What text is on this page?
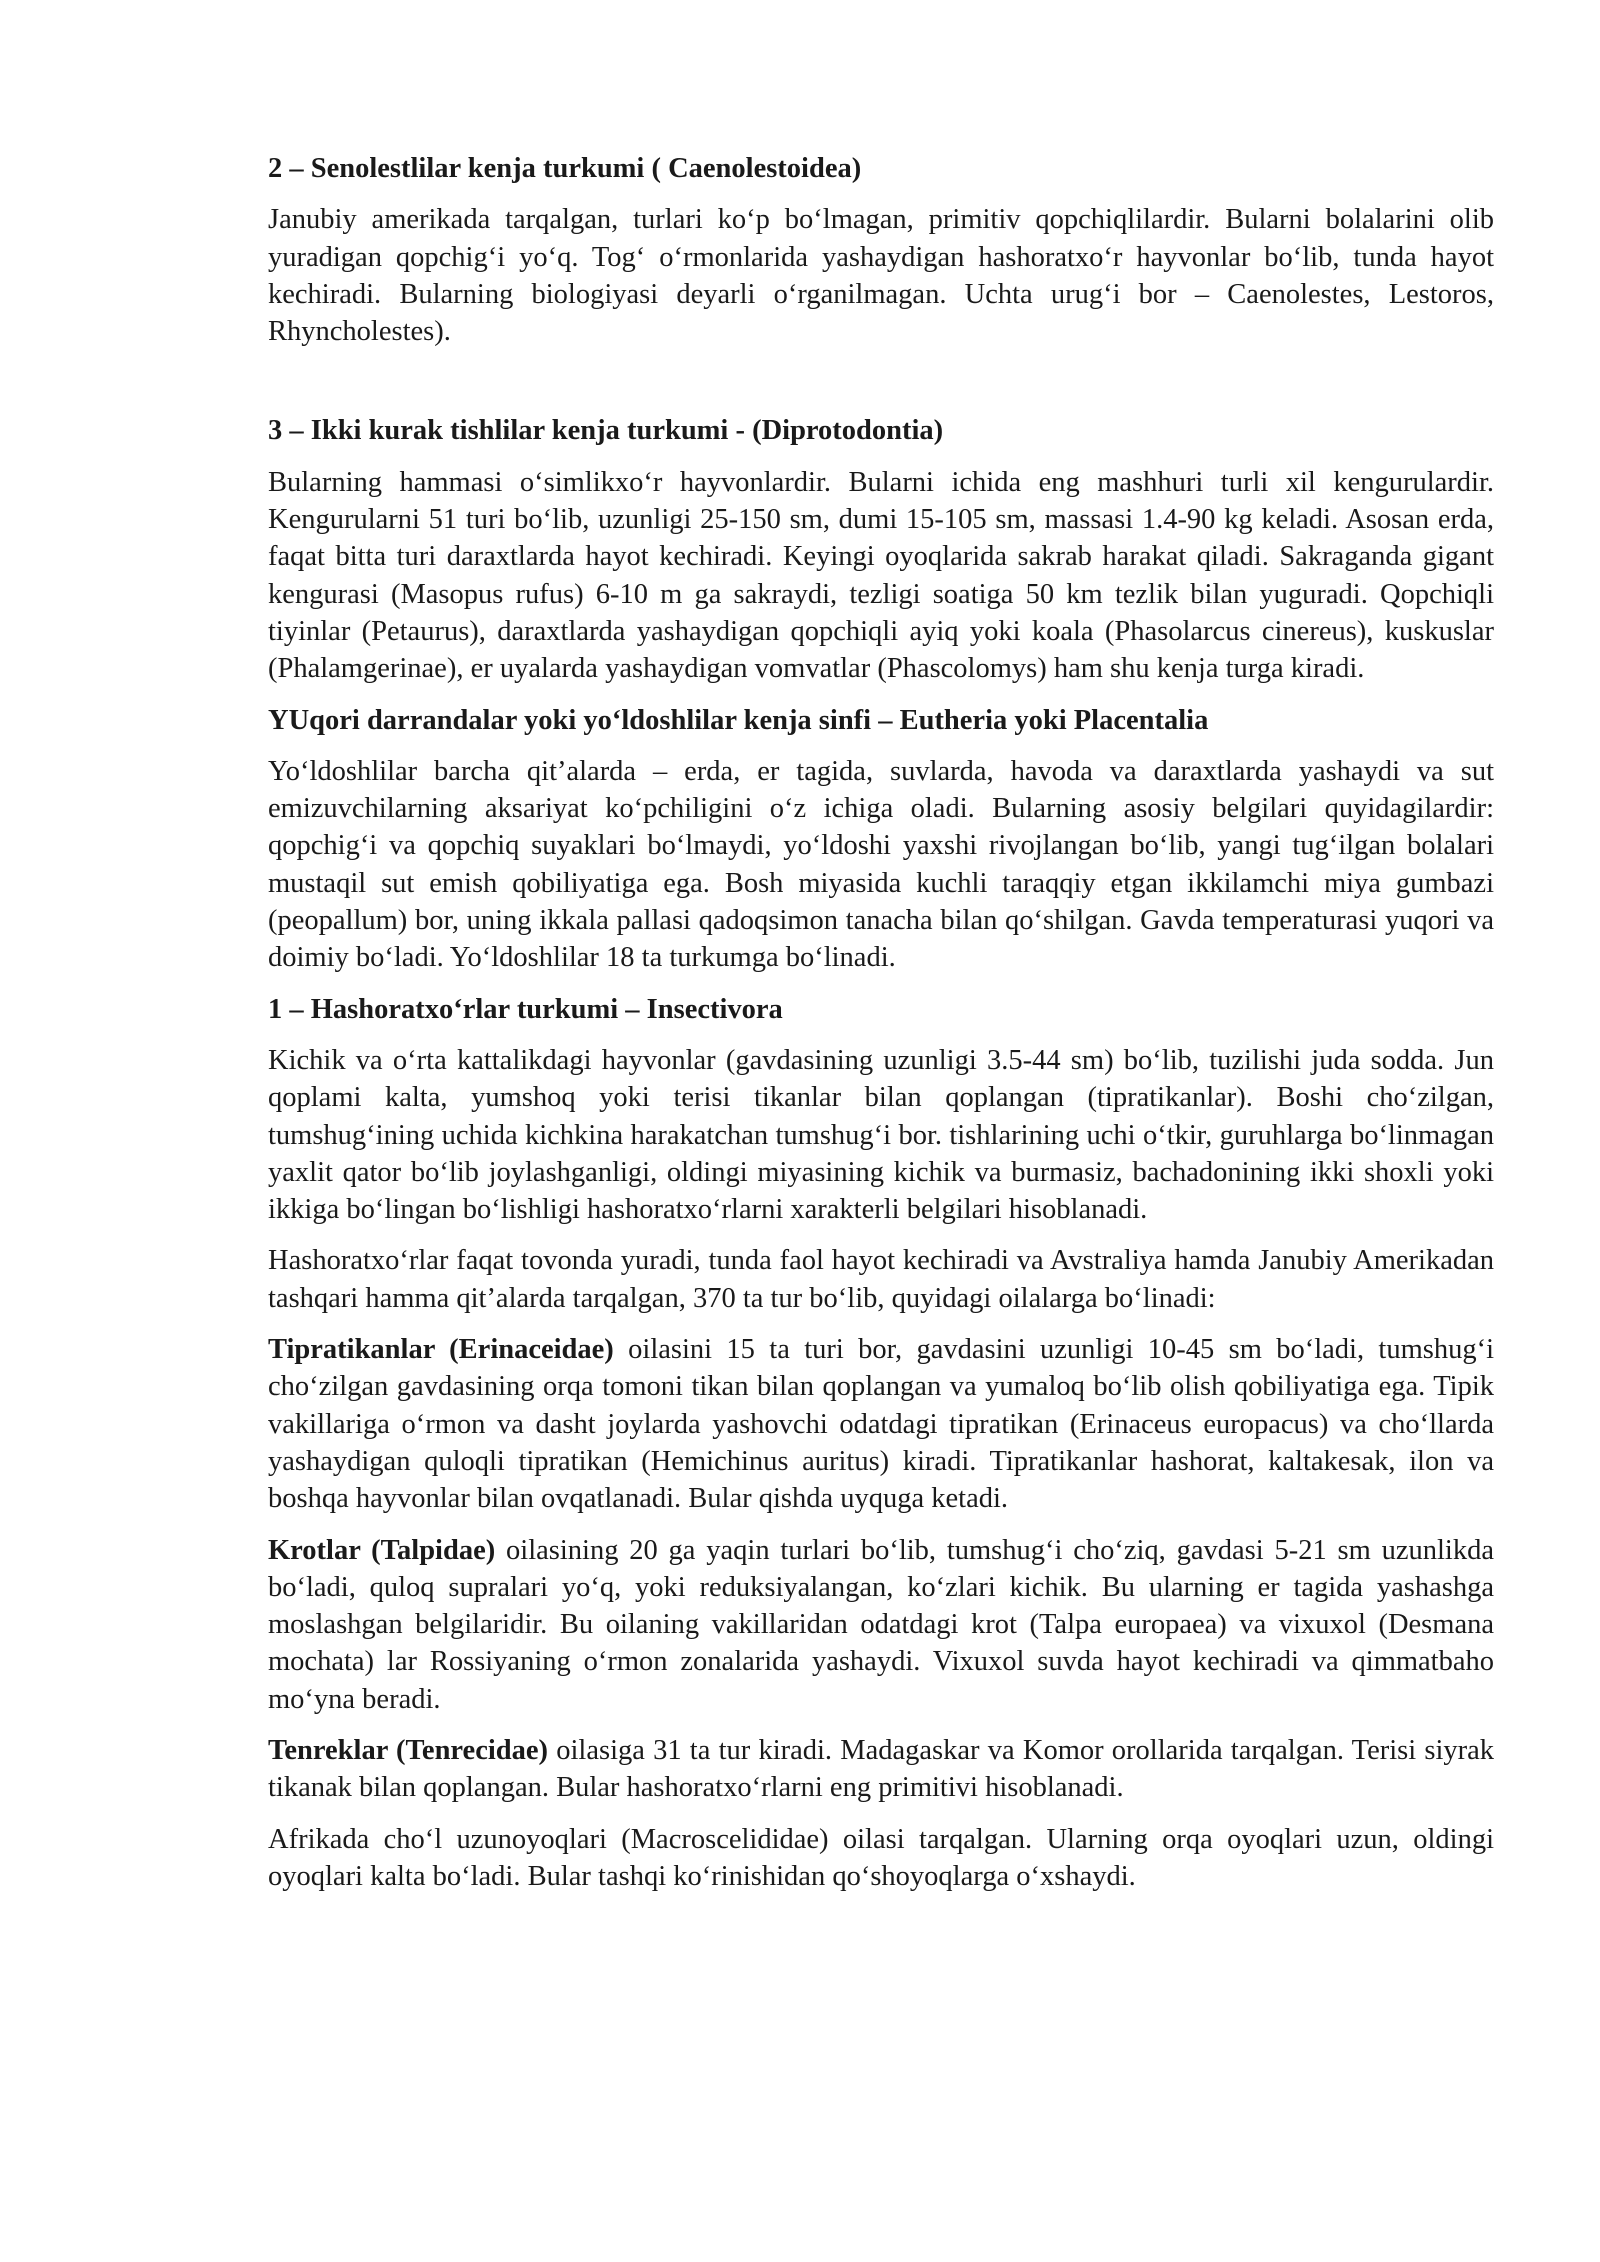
2 – Senolestlilar kenja turkumi ( Caenolestoidea)
Janubiy amerikada tarqalgan, turlari ko‘p bo‘lmagan, primitiv qopchiqlilardir. Bularni bolalarini olib yuradigan qopchig‘i yo‘q. Tog‘ o‘rmonlarida yashaydigan hashoratxo‘r hayvonlar bo‘lib, tunda hayot kechiradi. Bularning biologiyasi deyarli o‘rganilmagan. Uchta urug‘i bor – Caenolestes, Lestoros, Rhyncholestes).
3 – Ikki kurak tishlilar kenja turkumi - (Diprotodontia)
Bularning hammasi o‘simlikxo‘r hayvonlardir. Bularni ichida eng mashhuri turli xil kengurulardir. Kengurularni 51 turi bo‘lib, uzunligi 25-150 sm, dumi 15-105 sm, massasi 1.4-90 kg keladi. Asosan erda, faqat bitta turi daraxtlarda hayot kechiradi. Keyingi oyoqlarida sakrab harakat qiladi. Sakraganda gigant kengurasi (Masopus rufus) 6-10 m ga sakraydi, tezligi soatiga 50 km tezlik bilan yuguradi. Qopchiqli tiyinlar (Petaurus), daraxtlarda yashaydigan qopchiqli ayiq yoki koala (Phasolarcus cinereus), kuskuslar (Phalamgerinae), er uyalarda yashaydigan vomvatlar (Phascolomys) ham shu kenja turga kiradi.
YUqori darrandalar yoki yo‘ldoshlilar kenja sinfi – Eutheria yoki Placentalia
Yo‘ldoshlilar barcha qit’alarda – erda, er tagida, suvlarda, havoda va daraxtlarda yashaydi va sut emizuvchilarning aksariyat ko‘pchiligini o‘z ichiga oladi. Bularning asosiy belgilari quyidagilardir: qopchig‘i va qopchiq suyaklari bo‘lmaydi, yo‘ldoshi yaxshi rivojlangan bo‘lib, yangi tug‘ilgan bolalari mustaqil sut emish qobiliyatiga ega. Bosh miyasida kuchli taraqqiy etgan ikkilamchi miya gumbazi (peopallum) bor, uning ikkala pallasi qadoqsimon tanacha bilan qo‘shilgan. Gavda temperaturasi yuqori va doimiy bo‘ladi. Yo‘ldoshlilar 18 ta turkumga bo‘linadi.
1 – Hashoratxo‘rlar turkumi – Insectivora
Kichik va o‘rta kattalikdagi hayvonlar (gavdasining uzunligi 3.5-44 sm) bo‘lib, tuzilishi juda sodda. Jun qoplami kalta, yumshoq yoki terisi tikanlar bilan qoplangan (tipratikanlar). Boshi cho‘zilgan, tumshug‘ining uchida kichkina harakatchan tumshug‘i bor. tishlarining uchi o‘tkir, guruhlarga bo‘linmagan yaxlit qator bo‘lib joylashganligi, oldingi miyasining kichik va burmasiz, bachadonining ikki shoxli yoki ikkiga bo‘lingan bo‘lishligi hashoratxo‘rlarni xarakterli belgilari hisoblanadi.
Hashoratxo‘rlar faqat tovonda yuradi, tunda faol hayot kechiradi va Avstraliya hamda Janubiy Amerikadan tashqari hamma qit’alarda tarqalgan, 370 ta tur bo‘lib, quyidagi oilalarga bo‘linadi:
Tipratikanlar (Erinaceidae) oilasini 15 ta turi bor, gavdasini uzunligi 10-45 sm bo‘ladi, tumshug‘i cho‘zilgan gavdasining orqa tomoni tikan bilan qoplangan va yumaloq bo‘lib olish qobiliyatiga ega. Tipik vakillariga o‘rmon va dasht joylarda yashovchi odatdagi tipratikan (Erinaceus europacus) va cho‘llarda yashaydigan quloqli tipratikan (Hemichinus auritus) kiradi. Tipratikanlar hashorat, kaltakesak, ilon va boshqa hayvonlar bilan ovqatlanadi. Bular qishda uyquga ketadi.
Krotlar (Talpidae) oilasining 20 ga yaqin turlari bo‘lib, tumshug‘i cho‘ziq, gavdasi 5-21 sm uzunlikda bo‘ladi, quloq supralari yo‘q, yoki reduksiyalangan, ko‘zlari kichik. Bu ularning er tagida yashashga moslashgan belgilaridir. Bu oilaning vakillaridan odatdagi krot (Talpa europaea) va vixuxol (Desmana mochata) lar Rossiyaning o‘rmon zonalarida yashaydi. Vixuxol suvda hayot kechiradi va qimmatbaho mo‘yna beradi.
Tenreklar (Tenrecidae) oilasiga 31 ta tur kiradi. Madagaskar va Komor orollarida tarqalgan. Terisi siyrak tikanak bilan qoplangan. Bular hashoratxo‘rlarni eng primitivi hisoblanadi.
Afrikada cho‘l uzunoyoqlari (Macroscelididae) oilasi tarqalgan. Ularning orqa oyoqlari uzun, oldingi oyoqlari kalta bo‘ladi. Bular tashqi ko‘rinishidan qo‘shoyoqlarga o‘xshaydi.
